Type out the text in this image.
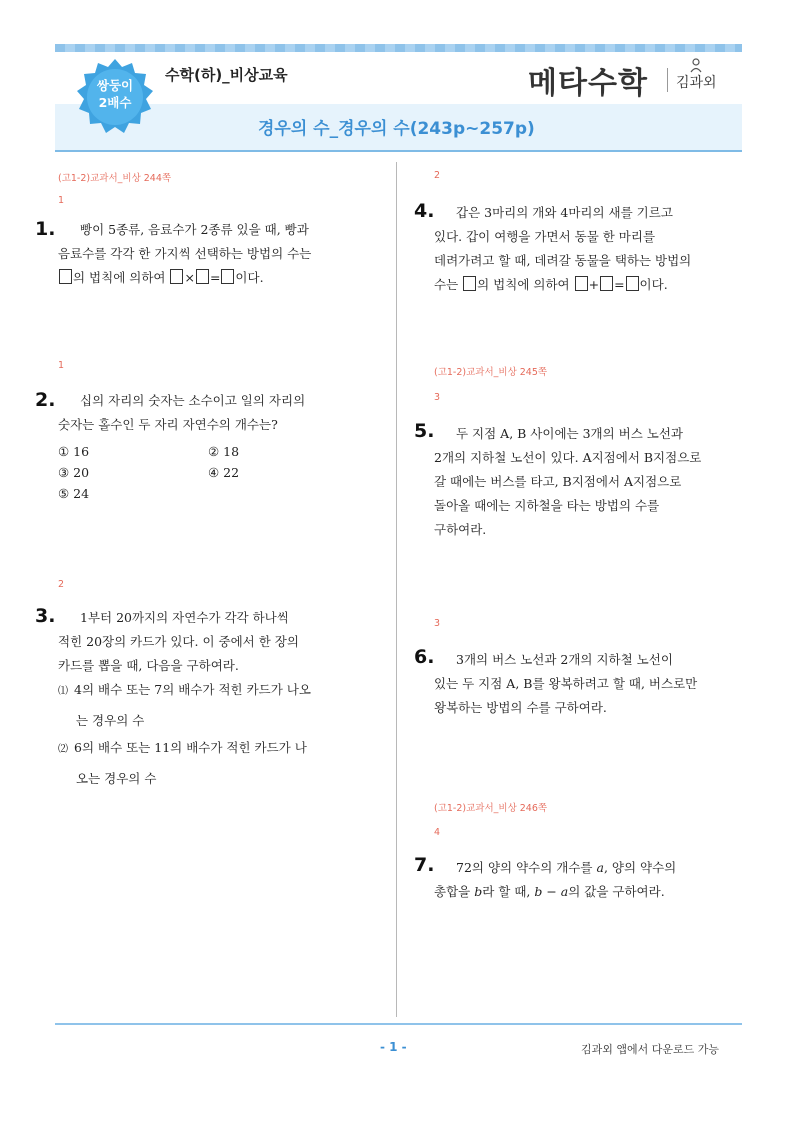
쌍둥이
2배수
수학(하)_비상교육
경우의 수_경우의 수(243p~257p)
메타수학 김과외
(고1-2)교과서_비상 244쪽
1
1.	빵이 5종류, 음료수가 2종류 있을 때, 빵과
음료수를 각각 한 가지씩 선택하는 방법의 수는
의 법칙에 의하여 × = 이다.
1
2.	십의 자리의 숫자는 소수이고 일의 자리의
숫자는 홀수인 두 자리 자연수의 개수는?
① 16	② 18
③ 20	④ 22
⑤ 24
2
3.	1부터 20까지의 자연수가 각각 하나씩
적힌 20장의 카드가 있다. 이 중에서 한 장의
카드를 뽑을 때, 다음을 구하여라.
⑴ 4의 배수 또는 7의 배수가 적힌 카드가 나오
는 경우의 수
⑵ 6의 배수 또는 11의 배수가 적힌 카드가 나
오는 경우의 수
2
4.	갑은 3마리의 개와 4마리의 새를 기르고
있다. 갑이 여행을 가면서 동물 한 마리를
데려가려고 할 때, 데려갈 동물을 택하는 방법의
수는 의 법칙에 의하여 + = 이다.
(고1-2)교과서_비상 245쪽
3
5.	두 지점 A, B 사이에는 3개의 버스 노선과
2개의 지하철 노선이 있다. A지점에서 B지점으로
갈 때에는 버스를 타고, B지점에서 A지점으로
돌아올 때에는 지하철을 타는 방법의 수를
구하여라.
3
6.	3개의 버스 노선과 2개의 지하철 노선이
있는 두 지점 A, B를 왕복하려고 할 때, 버스로만
왕복하는 방법의 수를 구하여라.
(고1-2)교과서_비상 246쪽
4
7.	72의 양의 약수의 개수를 a, 양의 약수의
총합을 b라 할 때, b − a의 값을 구하여라.
- 1 -	김과외 앱에서 다운로드 가능
